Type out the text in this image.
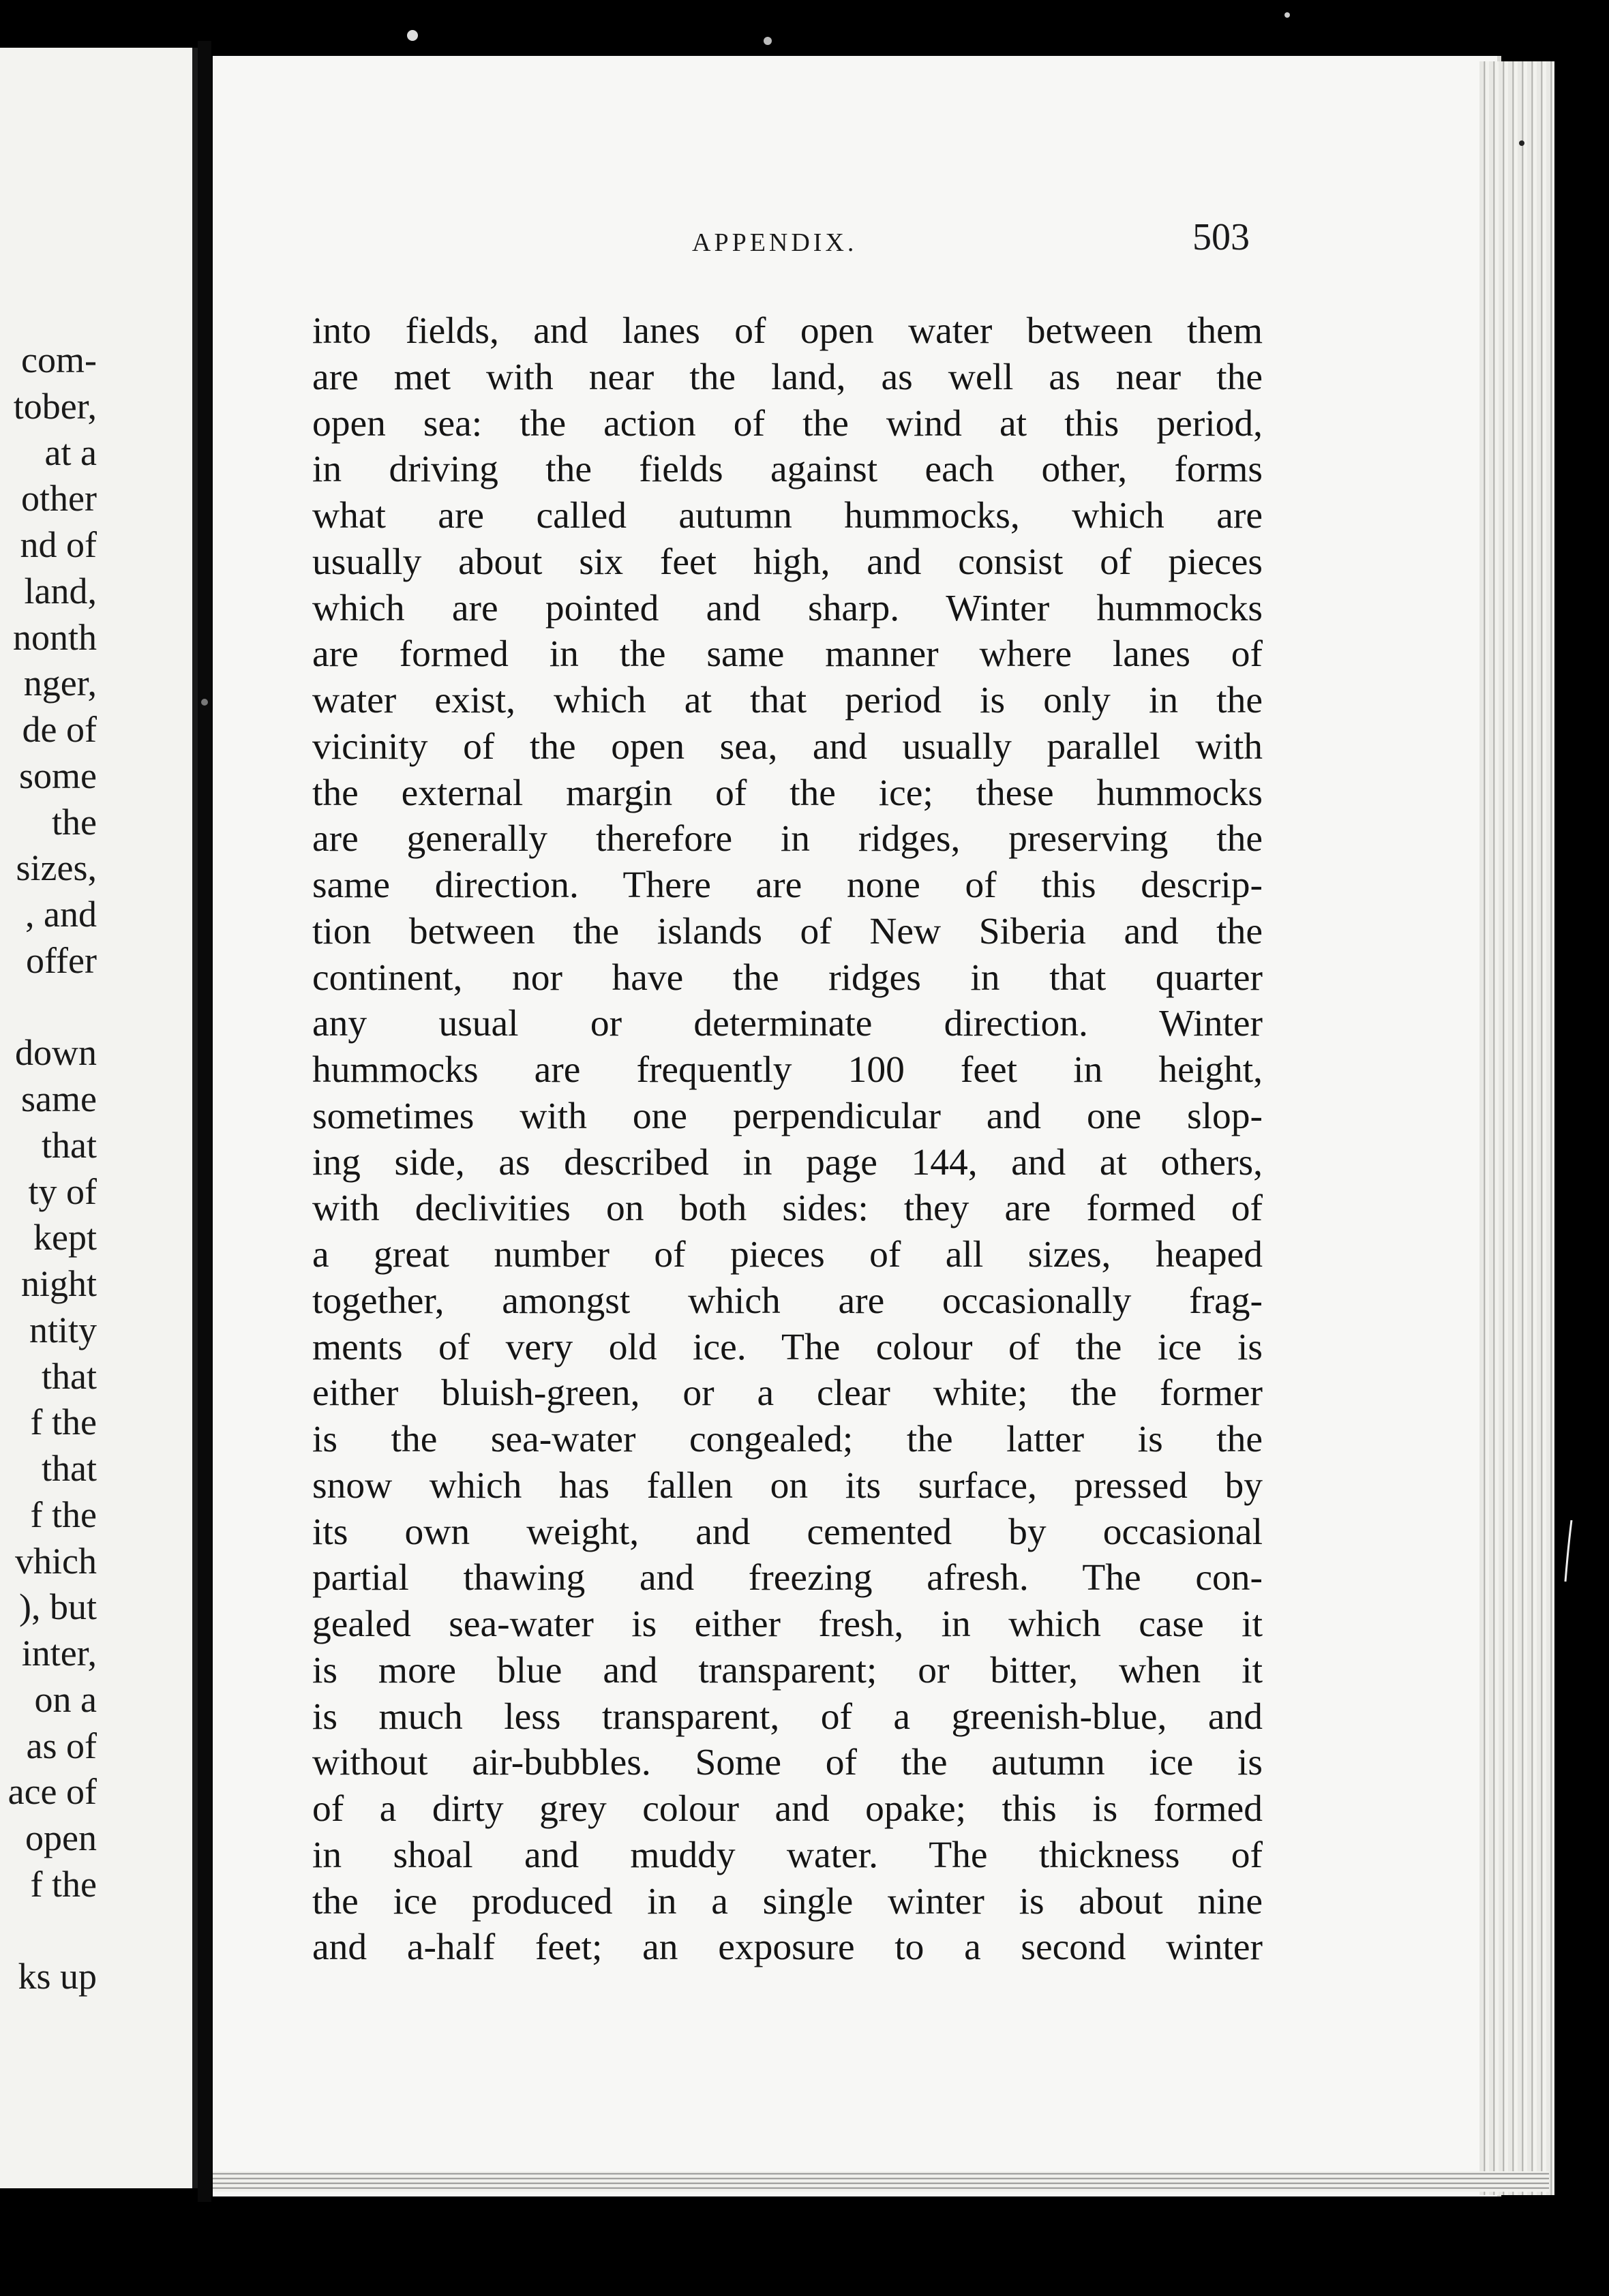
com-
tober,
at a
other
nd of
land,
nonth
nger,
de of
some
the
sizes,
, and
offer
down
same
that
ty of
kept
night
ntity
that
f the
that
f the
vhich
), but
inter,
on a
as of
ace of
open
f the
ks up
APPENDIX.	503
into fields, and lanes of open water between them
are met with near the land, as well as near the
open sea: the action of the wind at this period,
in driving the fields against each other, forms
what are called autumn hummocks, which are
usually about six feet high, and consist of pieces
which are pointed and sharp. Winter hummocks
are formed in the same manner where lanes of
water exist, which at that period is only in the
vicinity of the open sea, and usually parallel with
the external margin of the ice; these hummocks
are generally therefore in ridges, preserving the
same direction. There are none of this descrip-
tion between the islands of New Siberia and the
continent, nor have the ridges in that quarter
any usual or determinate direction. Winter
hummocks are frequently 100 feet in height,
sometimes with one perpendicular and one slop-
ing side, as described in page 144, and at others,
with declivities on both sides: they are formed of
a great number of pieces of all sizes, heaped
together, amongst which are occasionally frag-
ments of very old ice. The colour of the ice is
either bluish-green, or a clear white; the former
is the sea-water congealed; the latter is the
snow which has fallen on its surface, pressed by
its own weight, and cemented by occasional
partial thawing and freezing afresh. The con-
gealed sea-water is either fresh, in which case it
is more blue and transparent; or bitter, when it
is much less transparent, of a greenish-blue, and
without air-bubbles. Some of the autumn ice is
of a dirty grey colour and opake; this is formed
in shoal and muddy water. The thickness of
the ice produced in a single winter is about nine
and a-half feet; an exposure to a second winter
